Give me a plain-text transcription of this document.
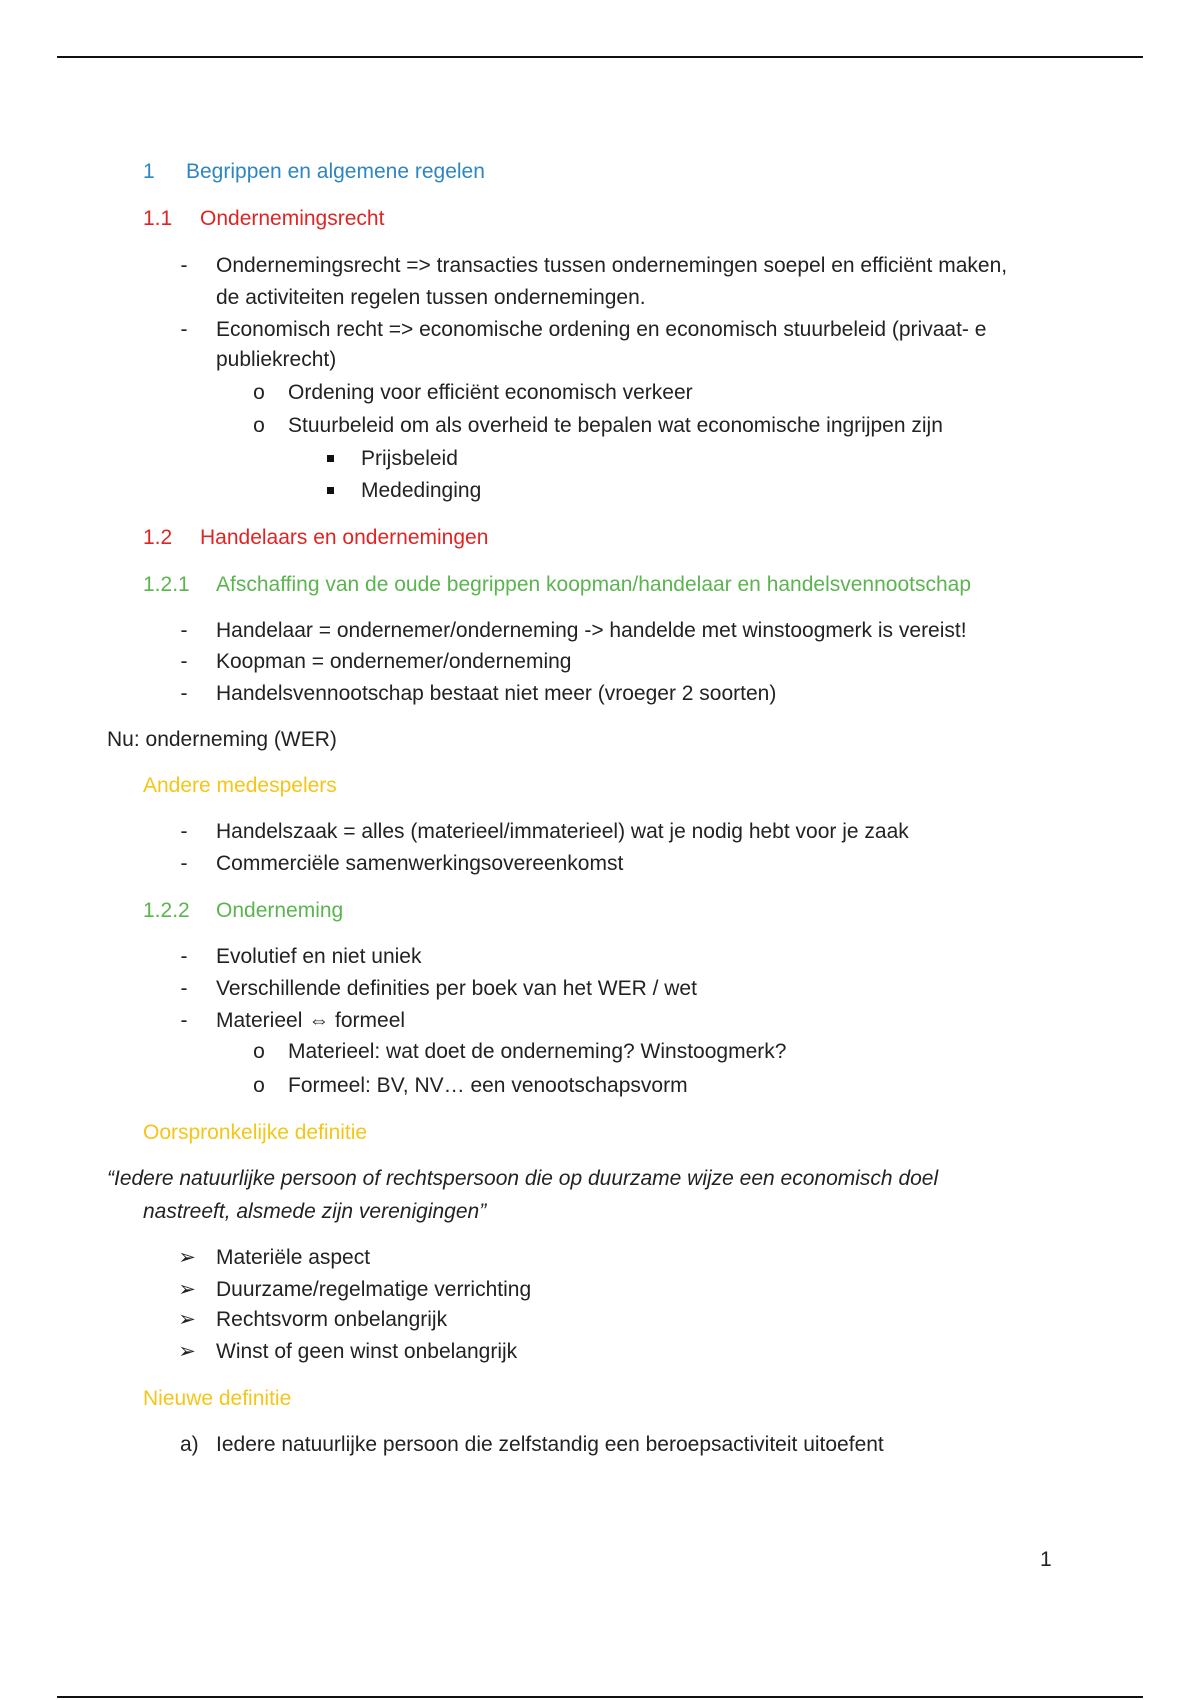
1 Begrippen en algemene regelen
1.1 Ondernemingsrecht
- Ondernemingsrecht => transacties tussen ondernemingen soepel en efficiënt maken,
de activiteiten regelen tussen ondernemingen.
- Economisch recht => economische ordening en economisch stuurbeleid (privaat- e
publiekrecht)
o Ordening voor efficiënt economisch verkeer
o Stuurbeleid om als overheid te bepalen wat economische ingrijpen zijn
Prijsbeleid
Mededinging
1.2 Handelaars en ondernemingen
1.2.1 Afschaffing van de oude begrippen koopman/handelaar en handelsvennootschap
- Handelaar = ondernemer/onderneming -> handelde met winstoogmerk is vereist!
- Koopman = ondernemer/onderneming
- Handelsvennootschap bestaat niet meer (vroeger 2 soorten)
Nu: onderneming (WER)
Andere medespelers
- Handelszaak = alles (materieel/immaterieel) wat je nodig hebt voor je zaak
- Commerciële samenwerkingsovereenkomst
1.2.2 Onderneming
- Evolutief en niet uniek
- Verschillende definities per boek van het WER / wet
- Materieel ⇔ formeel
o Materieel: wat doet de onderneming? Winstoogmerk?
o Formeel: BV, NV… een venootschapsvorm
Oorspronkelijke definitie
“Iedere natuurlijke persoon of rechtspersoon die op duurzame wijze een economisch doel
nastreeft, alsmede zijn verenigingen”
➢ Materiële aspect
➢ Duurzame/regelmatige verrichting
➢ Rechtsvorm onbelangrijk
➢ Winst of geen winst onbelangrijk
Nieuwe definitie
a) Iedere natuurlijke persoon die zelfstandig een beroepsactiviteit uitoefent
1
